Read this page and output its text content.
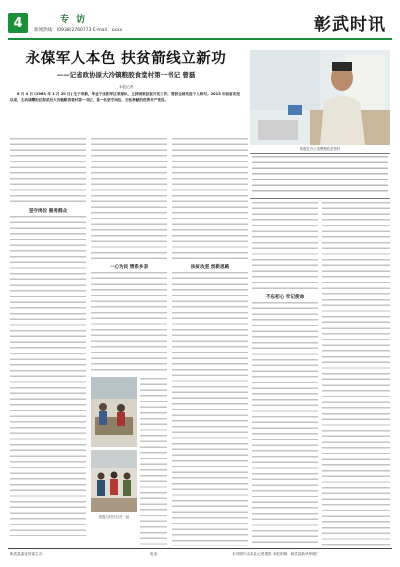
4	专 访
新闻热线：(0938)2760773 E-mail：xxxx	彰武时讯
永葆军人本色 扶贫箭线立新功
——记省政协原大冷镇粮胶食堂村第一书记 曾磊
本报记者
曾磊在办公室整理扶贫资料

8 月 4 日 (1963 年 1 月 20 日) 生于阜新，毕业于沈阳军区某部队，主持国家扶贫开发工作，曾获全国先进个人称号。2015 年扶贫攻坚以来，主动请缨担任彰武县大冷镇粮食堂村第一书记，是一名坚守岗位、无私奉献的优秀共产党员。

坚守岗位 服务群众
一心为民 情系乡亲
曾磊与村民们在一起
扶贫攻坚 创新思路
不忘初心 牢记使命
彰武县委宣传部主办	电话：	本刊图片由本社记者提供 本报印刷：彰武县新华印刷厂
